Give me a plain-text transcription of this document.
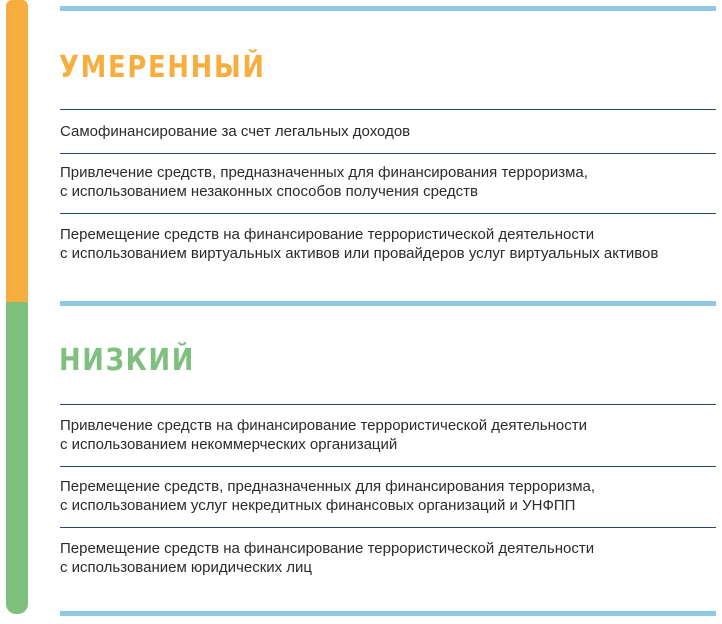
УМЕРЕННЫЙ
Самофинансирование за счет легальных доходов
Привлечение средств, предназначенных для финансирования терроризма,
с использованием незаконных способов получения средств
Перемещение средств на финансирование террористической деятельности
с использованием виртуальных активов или провайдеров услуг виртуальных активов
НИЗКИЙ
Привлечение средств на финансирование террористической деятельности
с использованием некоммерческих организаций
Перемещение средств, предназначенных для финансирования терроризма,
с использованием услуг некредитных финансовых организаций и УНФПП
Перемещение средств на финансирование террористической деятельности
с использованием юридических лиц
